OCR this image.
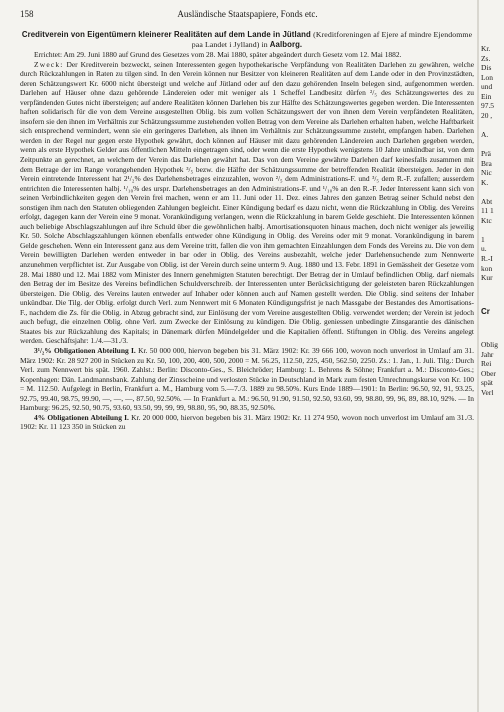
158	Ausländische Staatspapiere, Fonds etc.

Creditverein von Eigentümern kleinerer Realitäten auf dem Lande in Jütland (Kreditforeningen af Ejere af mindre Ejendomme paa Landet i Jylland) in Aalborg.

Errichtet: Am 29. Juni 1880 auf Grund des Gesetzes vom 28. Mai 1880, später abgeändert durch Gesetz vom 12. Mai 1882.

Zweck: Der Kreditverein bezweckt, seinen Interessenten gegen hypothekarische Verpfändung von Realitäten Darlehen zu gewähren, welche durch Rückzahlungen in Raten zu tilgen sind. In den Verein können nur Besitzer von kleineren Realitäten auf dem Lande oder in den Provinzstädten, deren Schätzungswert Kr. 6000 nicht übersteigt und welche auf Jütland oder auf den dazu gehörenden Inseln belegen sind, aufgenommen werden. Darlehen auf Häuser ohne dazu gehörende Ländereien oder mit weniger als 1 Scheffel Landbesitz dürfen ²/₅ des Schätzungswertes des zu verpfändenden Gutes nicht übersteigen; auf andere Realitäten können Darlehen bis zur Hälfte des Schätzungswertes gegeben werden. Die Interessenten haften solidarisch für die von dem Vereine ausgestellten Oblig. bis zum vollen Schätzungswert der von ihnen dem Verein verpfändeten Realitäten, insofern sie den ihnen im Verhältnis zur Schätzungssumme zustehenden vollen Betrag von dem Vereine als Darlehen erhalten haben, welche Haftbarkeit sich entsprechend vermindert, wenn sie ein geringeres Darlehen, als ihnen im Verhältnis zur Schätzungssumme zusteht, empfangen haben. Darlehen werden in der Regel nur gegen erste Hypothek gewährt, doch können auf Häuser mit dazu gehörenden Ländereien auch Darlehen gegeben werden, wenn als erste Hypothek Gelder aus öffentlichen Mitteln eingetragen sind, oder wenn die erste Hypothek wenigstens 10 Jahre unkündbar ist, von dem Zeitpunkte an gerechnet, an welchem der Verein das Darlehen gewährt hat. Das von dem Vereine gewährte Darlehen darf keinesfalls zusammen mit dem Betrage der im Range vorangehenden Hypothek ³/₅ bezw. die Hälfte der Schätzungssumme der betreffenden Realität übersteigen. Jeder in den Verein eintretende Interessent hat 2¹/₂% des Darlehensbetrages einzuzahlen, wovon ²/₅ dem Administrations-F. und ³/₅ dem R.-F. zufallen; ausserdem entrichten die Interessenten halbj. ¹/₁₀% des urspr. Darlehensbetrages an den Administrations-F. und ¹/₁₀% an den R.-F. Jeder Interessent kann sich von seinen Verbindlichkeiten gegen den Verein frei machen, wenn er am 11. Juni oder 11. Dez. eines Jahres den ganzen Betrag seiner Schuld nebst den sonstigen ihm nach den Statuten obliegenden Zahlungen begleicht. Einer Kündigung bedarf es dazu nicht, wenn die Rückzahlung in Oblig. des Vereins erfolgt, dagegen kann der Verein eine 9 monat. Vorankündigung verlangen, wenn die Rückzahlung in barem Gelde geschieht. Die Interessenten können auch beliebige Abschlagszahlungen auf ihre Schuld über die gewöhnlichen halbj. Amortisationsquoten hinaus machen, doch nicht weniger als jeweilig Kr. 50. Solche Abschlagszahlungen können ebenfalls entweder ohne Kündigung in Oblig. des Vereins oder mit 9 monat. Vorankündigung in barem Gelde geschehen. Wenn ein Interessent ganz aus dem Vereine tritt, fallen die von ihm gemachten Einzahlungen dem Fonds des Vereins zu. Die von dem Verein bewilligten Darlehen werden entweder in bar oder in Oblig. des Vereins ausbezahlt, welche jeder Darlehensuchende zum Nennwerte anzunehmen verpflichtet ist. Zur Ausgabe von Oblig. ist der Verein durch seine unterm 9. Aug. 1880 und 13. Febr. 1891 in Gemässheit der Gesetze vom 28. Mai 1880 und 12. Mai 1882 vom Minister des Innern genehmigten Statuten berechtigt. Der Betrag der in Umlauf befindlichen Oblig. darf niemals den Betrag der im Besitze des Vereins befindlichen Schuldverschreib. der Interessenten unter Berücksichtigung der geleisteten baren Rückzahlungen übersteigen. Die Oblig. des Vereins lauten entweder auf Inhaber oder können auch auf Namen gestellt werden. Die Oblig. sind seitens der Inhaber unkündbar. Die Tilg. der Oblig. erfolgt durch Verl. zum Nennwert mit 6 Monaten Kündigungsfrist je nach Massgabe der Bestandes des Amortisations-F., nachdem die Zs. für die Oblig. in Abzug gebracht sind, zur Einlösung der vom Vereine ausgestellten Oblig. verwendet werden; der Verein ist jedoch auch befugt, die einzelnen Oblig. ohne Verl. zum Zwecke der Einlösung zu kündigen. Die Oblig. geniessen unbedingte Zinsgarantie des dänischen Staates bis zur Rückzahlung des Kapitals; in Dänemark dürfen Mündelgelder und die Kapitalien öffentl. Stiftungen in Oblig. des Vereins angelegt werden. Geschäftsjahr: 1./4.—31./3.

3¹/₂% Obligationen Abteilung I. Kr. 50 000 000, hiervon begeben bis 31. März 1902: Kr. 39 666 100, wovon noch unverlost in Umlauf am 31. März 1902: Kr. 28 927 200 in Stücken zu Kr. 50, 100, 200, 400, 500, 2000 = M. 56.25, 112.50, 225, 450, 562.50, 2250. Zs.: 1. Jan., 1. Juli. Tilg.: Durch Verl. zum Nennwert bis spät. 1960. Zahlst.: Berlin: Disconto-Ges., S. Bleichröder; Hamburg: L. Behrens & Söhne; Frankfurt a. M.: Disconto-Ges.; Kopenhagen: Dän. Landmannsbank. Zahlung der Zinsscheine und verlosten Stücke in Deutschland in Mark zum festen Umrechnungskurse von Kr. 100 = M. 112.50. Aufgelegt in Berlin, Frankfurt a. M., Hamburg vom 5.—7./3. 1889 zu 98.50%. Kurs Ende 1889—1901: In Berlin: 96.50, 92, 91, 93.25, 92.75, 99.40, 98.75, 99.90, —, —, —, 87.50, 92.50%. — In Frankfurt a. M.: 96.50, 91.90, 91.50, 92.50, 93.60, 99, 98.80, 99, 96, 89, 88.10, 92%. — In Hamburg: 96.25, 92.50, 90.75, 93.60, 93.50, 99, 99, 99, 98.80, 95, 90, 88.35, 92.50%.

4% Obligationen Abteilung I. Kr. 20 000 000, hiervon begeben bis 31. März 1902: Kr. 11 274 950, wovon noch unverlost im Umlauf am 31./3. 1902: Kr. 11 123 350 in Stücken zu

Kr.
Zs.
Dis
Lon
und
Ein
97.5
20 ,
A.
Prä
Bra
Nic
K.
Abt
11 1
Ktc
1
u.
R.-I
kon
Kur
Cr
Oblig
Jahr
Rei
Ober
spät
Verl
